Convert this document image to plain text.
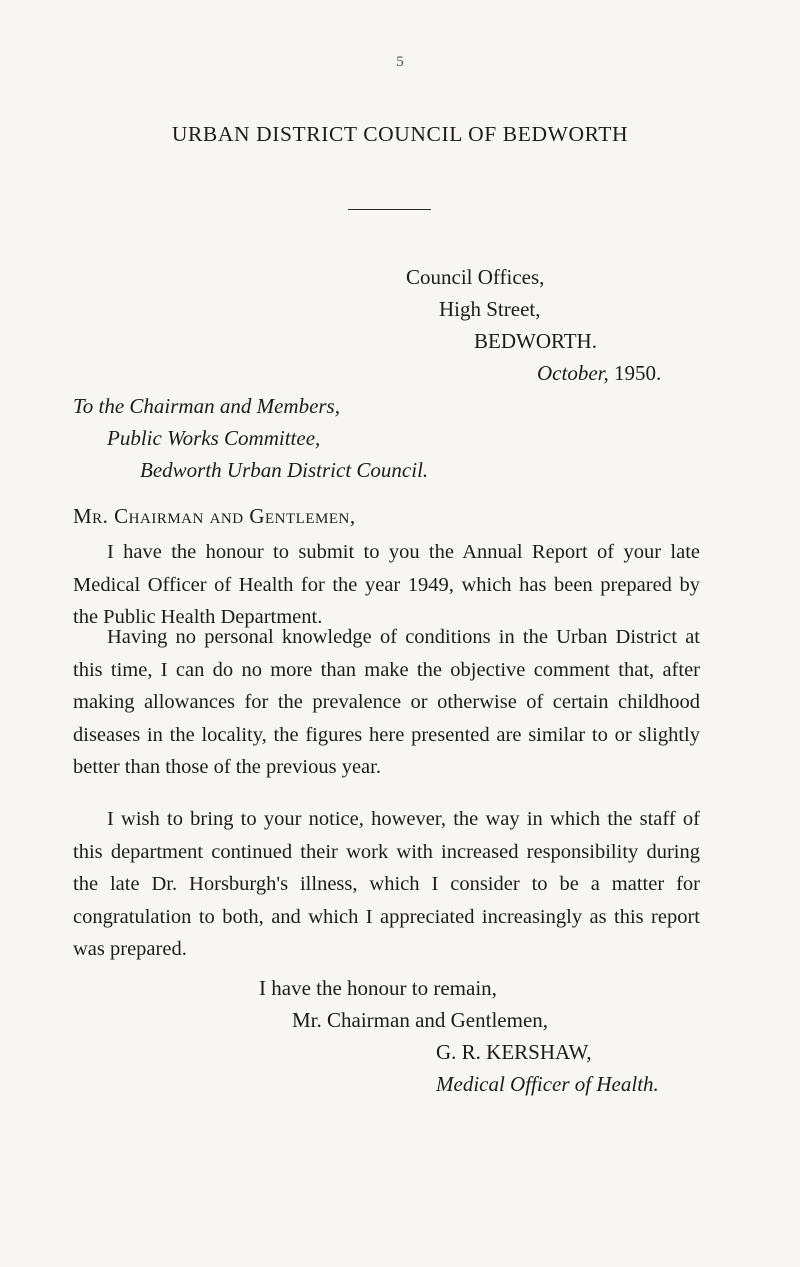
5
URBAN DISTRICT COUNCIL OF BEDWORTH
Council Offices,
High Street,
BEDWORTH.
October, 1950.
To the Chairman and Members,
Public Works Committee,
Bedworth Urban District Council.
Mr. Chairman and Gentlemen,

I have the honour to submit to you the Annual Report of your late Medical Officer of Health for the year 1949, which has been prepared by the Public Health Department.

Having no personal knowledge of conditions in the Urban District at this time, I can do no more than make the objective comment that, after making allowances for the prevalence or otherwise of certain childhood diseases in the locality, the figures here presented are similar to or slightly better than those of the previous year.

I wish to bring to your notice, however, the way in which the staff of this department continued their work with increased responsibility during the late Dr. Horsburgh's illness, which I consider to be a matter for congratulation to both, and which I appreciated increasingly as this report was prepared.

I have the honour to remain,
Mr. Chairman and Gentlemen,
G. R. KERSHAW,
Medical Officer of Health.
